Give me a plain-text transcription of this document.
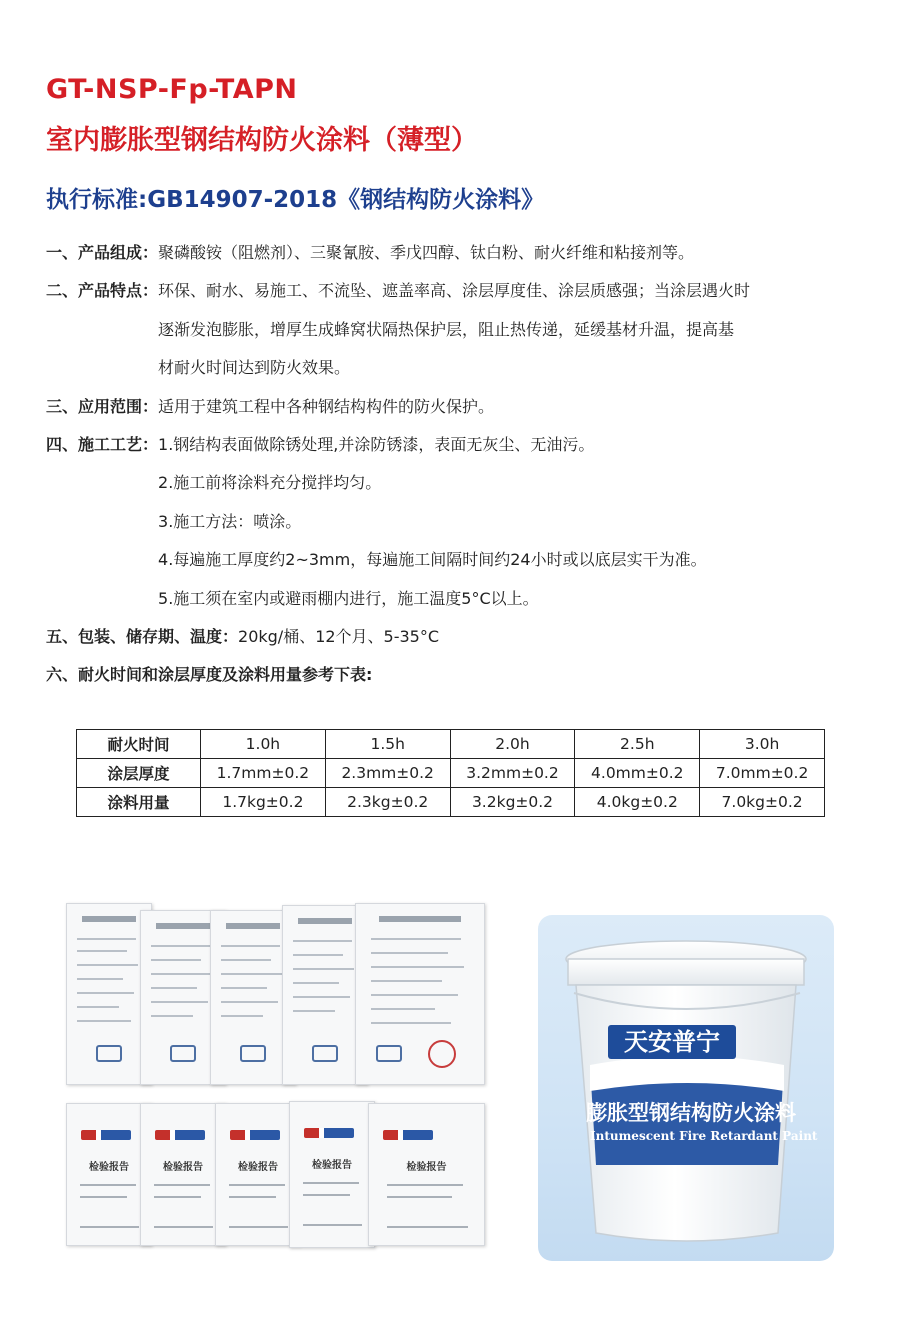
GT-NSP-Fp-TAPN
室内膨胀型钢结构防火涂料（薄型）
执行标准:GB14907-2018《钢结构防火涂料》
一、产品组成： 聚磷酸铵（阻燃剂）、三聚氰胺、季戊四醇、钛白粉、耐火纤维和粘接剂等。
二、产品特点： 环保、耐水、易施工、不流坠、遮盖率高、涂层厚度佳、涂层质感强；当涂层遇火时
逐渐发泡膨胀，增厚生成蜂窝状隔热保护层，阻止热传递，延缓基材升温，提高基
材耐火时间达到防火效果。
三、应用范围： 适用于建筑工程中各种钢结构构件的防火保护。
四、施工工艺： 1.钢结构表面做除锈处理,并涂防锈漆，表面无灰尘、无油污。
2.施工前将涂料充分搅拌均匀。
3.施工方法：喷涂。
4.每遍施工厚度约2~3mm，每遍施工间隔时间约24小时或以底层实干为准。
5.施工须在室内或避雨棚内进行，施工温度5°C以上。
五、包装、储存期、温度： 20kg/桶、12个月、5-35°C
六、耐火时间和涂层厚度及涂料用量参考下表:
耐火时间	1.0h	1.5h	2.0h	2.5h	3.0h
涂层厚度	1.7mm±0.2	2.3mm±0.2	3.2mm±0.2	4.0mm±0.2	7.0mm±0.2
涂料用量	1.7kg±0.2	2.3kg±0.2	3.2kg±0.2	4.0kg±0.2	7.0kg±0.2
检验报告	检验报告	检验报告	检验报告	检验报告
天安普宁
膨胀型钢结构防火涂料
Intumescent Fire Retardant Paint
